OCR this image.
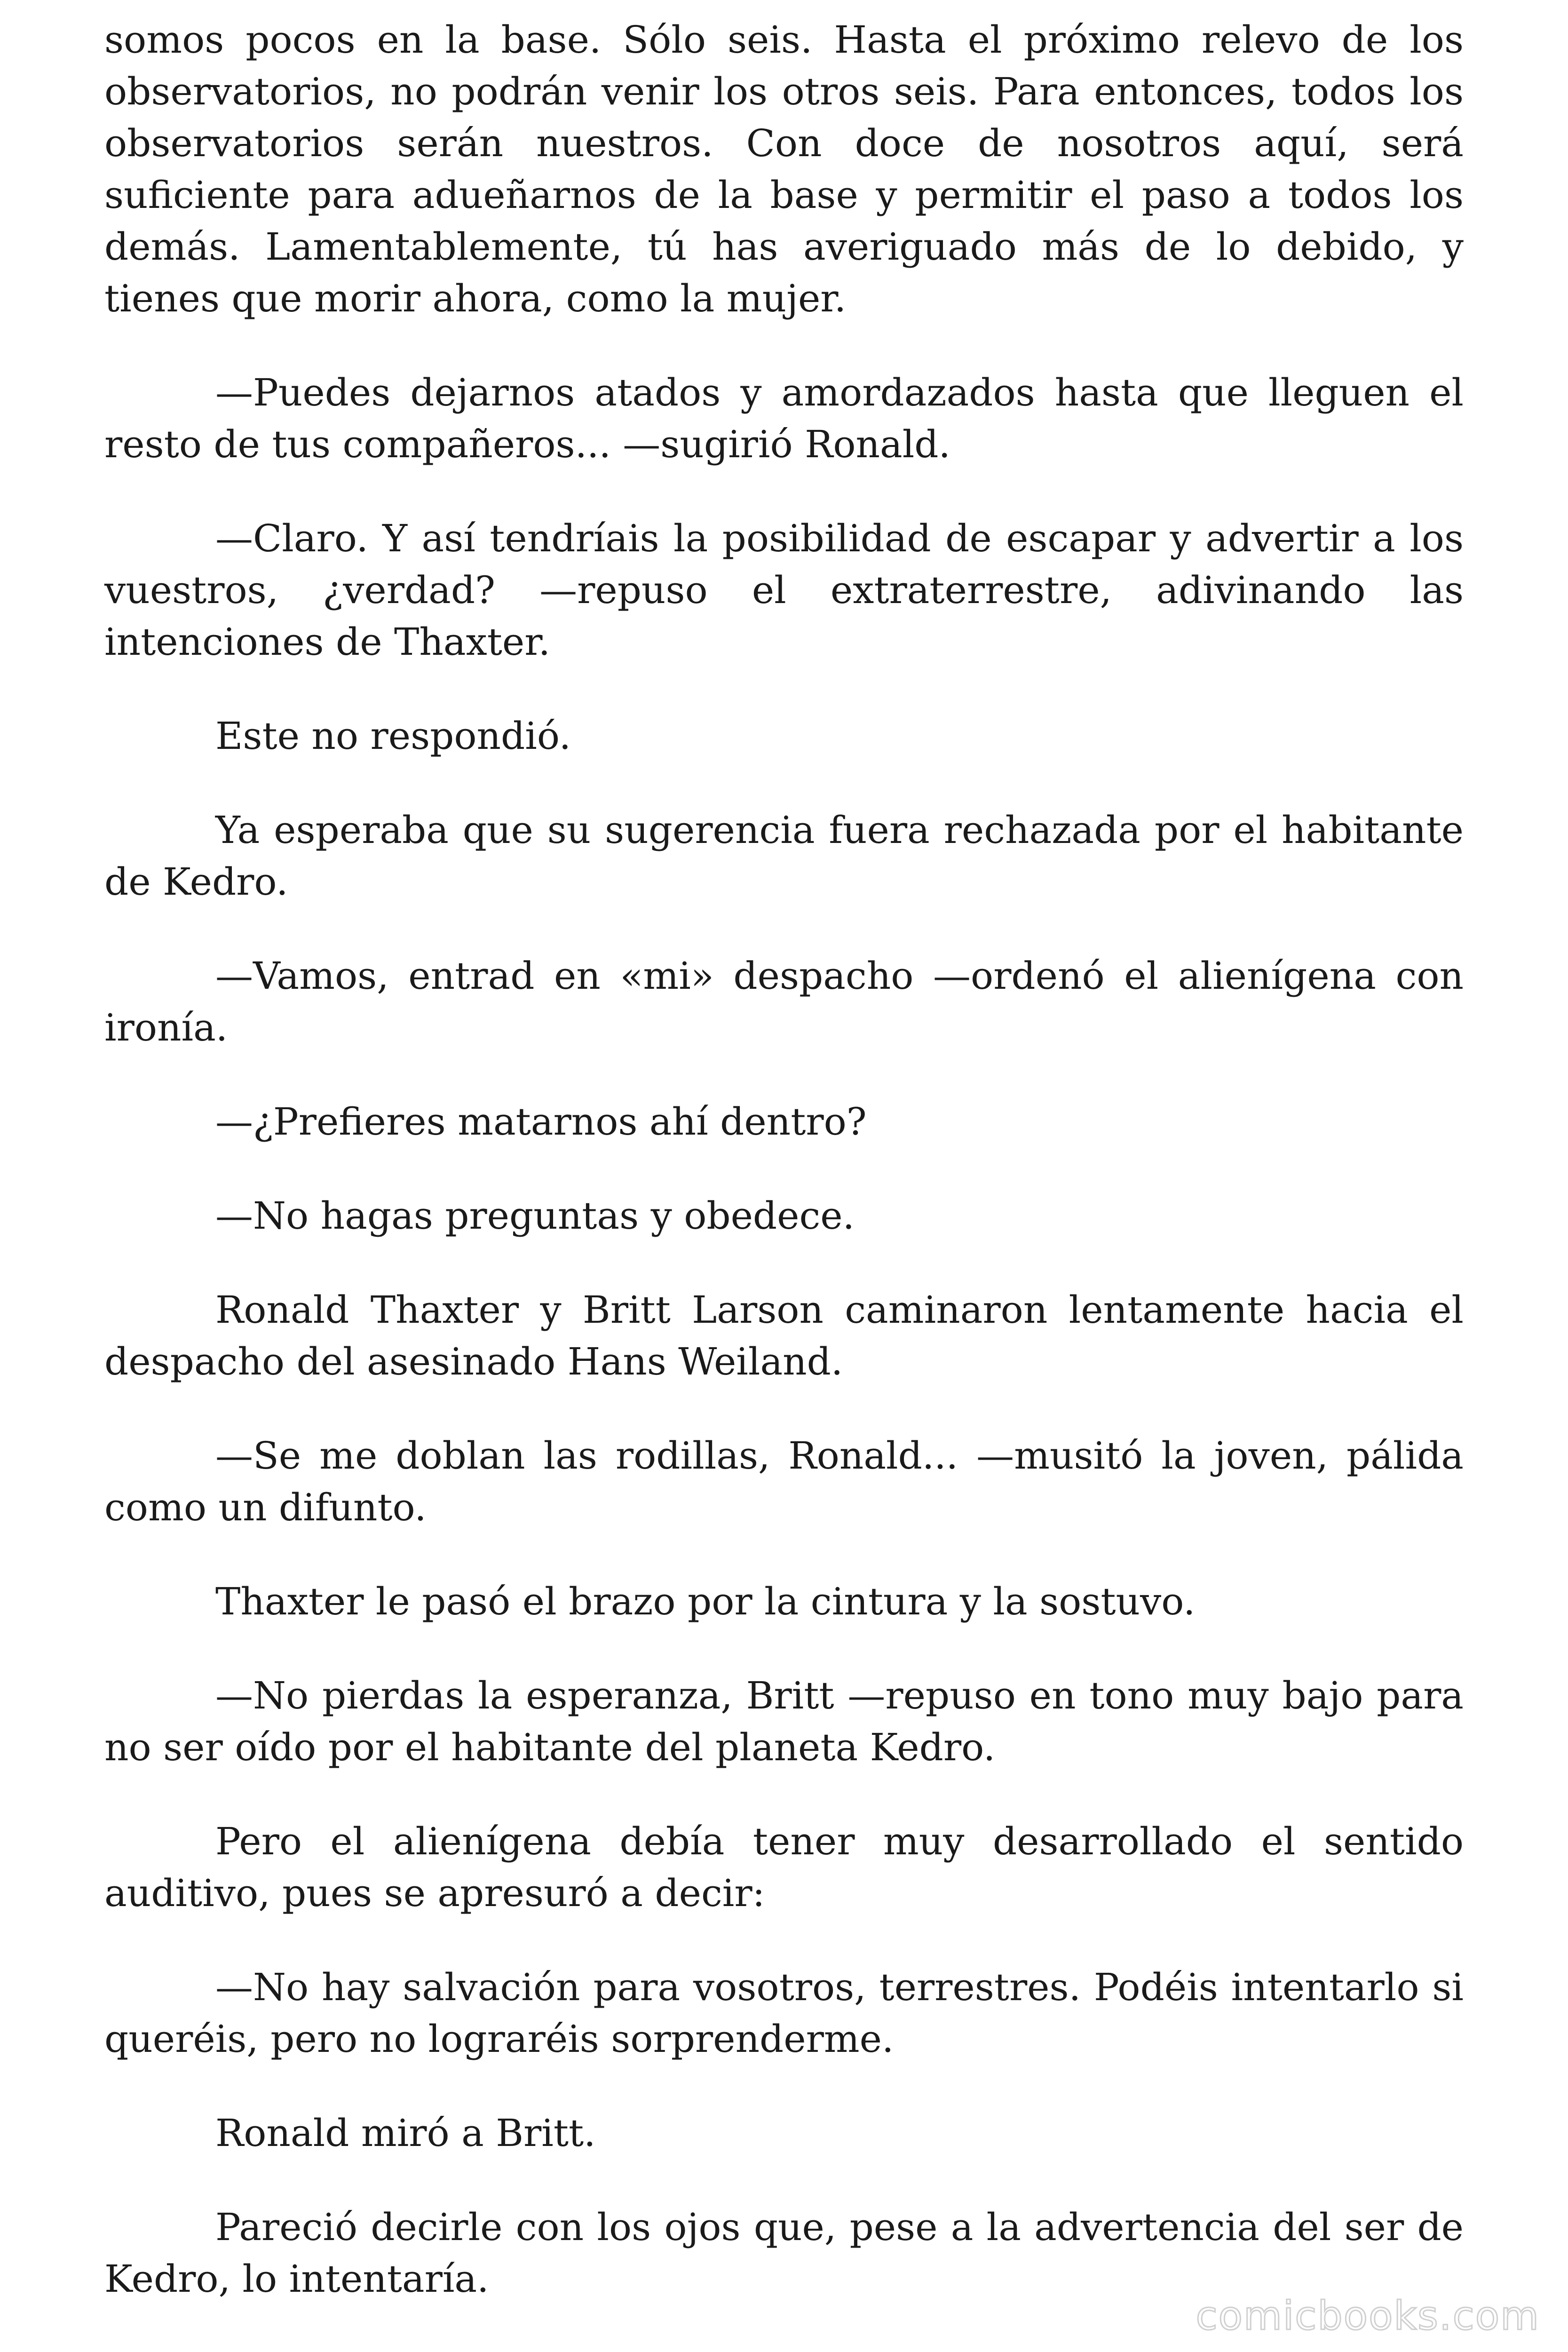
somos pocos en la base. Sólo seis. Hasta el próximo relevo de los observatorios, no podrán venir los otros seis. Para entonces, todos los observatorios serán nuestros. Con doce de nosotros aquí, será suficiente para adueñarnos de la base y permitir el paso a todos los demás. Lamentablemente, tú has averiguado más de lo debido, y tienes que morir ahora, como la mujer.

—Puedes dejarnos atados y amordazados hasta que lleguen el resto de tus compañeros... —sugirió Ronald.

—Claro. Y así tendríais la posibilidad de escapar y advertir a los vuestros, ¿verdad? —repuso el extraterrestre, adivinando las intenciones de Thaxter.

Este no respondió.

Ya esperaba que su sugerencia fuera rechazada por el habitante de Kedro.

—Vamos, entrad en «mi» despacho —ordenó el alienígena con ironía.

—¿Prefieres matarnos ahí dentro?

—No hagas preguntas y obedece.

Ronald Thaxter y Britt Larson caminaron lentamente hacia el despacho del asesinado Hans Weiland.

—Se me doblan las rodillas, Ronald... —musitó la joven, pálida como un difunto.

Thaxter le pasó el brazo por la cintura y la sostuvo.

—No pierdas la esperanza, Britt —repuso en tono muy bajo para no ser oído por el habitante del planeta Kedro.

Pero el alienígena debía tener muy desarrollado el sentido auditivo, pues se apresuró a decir:

—No hay salvación para vosotros, terrestres. Podéis intentarlo si queréis, pero no lograréis sorprenderme.

Ronald miró a Britt.

Pareció decirle con los ojos que, pese a la advertencia del ser de Kedro, lo intentaría.

comicbooks.com
